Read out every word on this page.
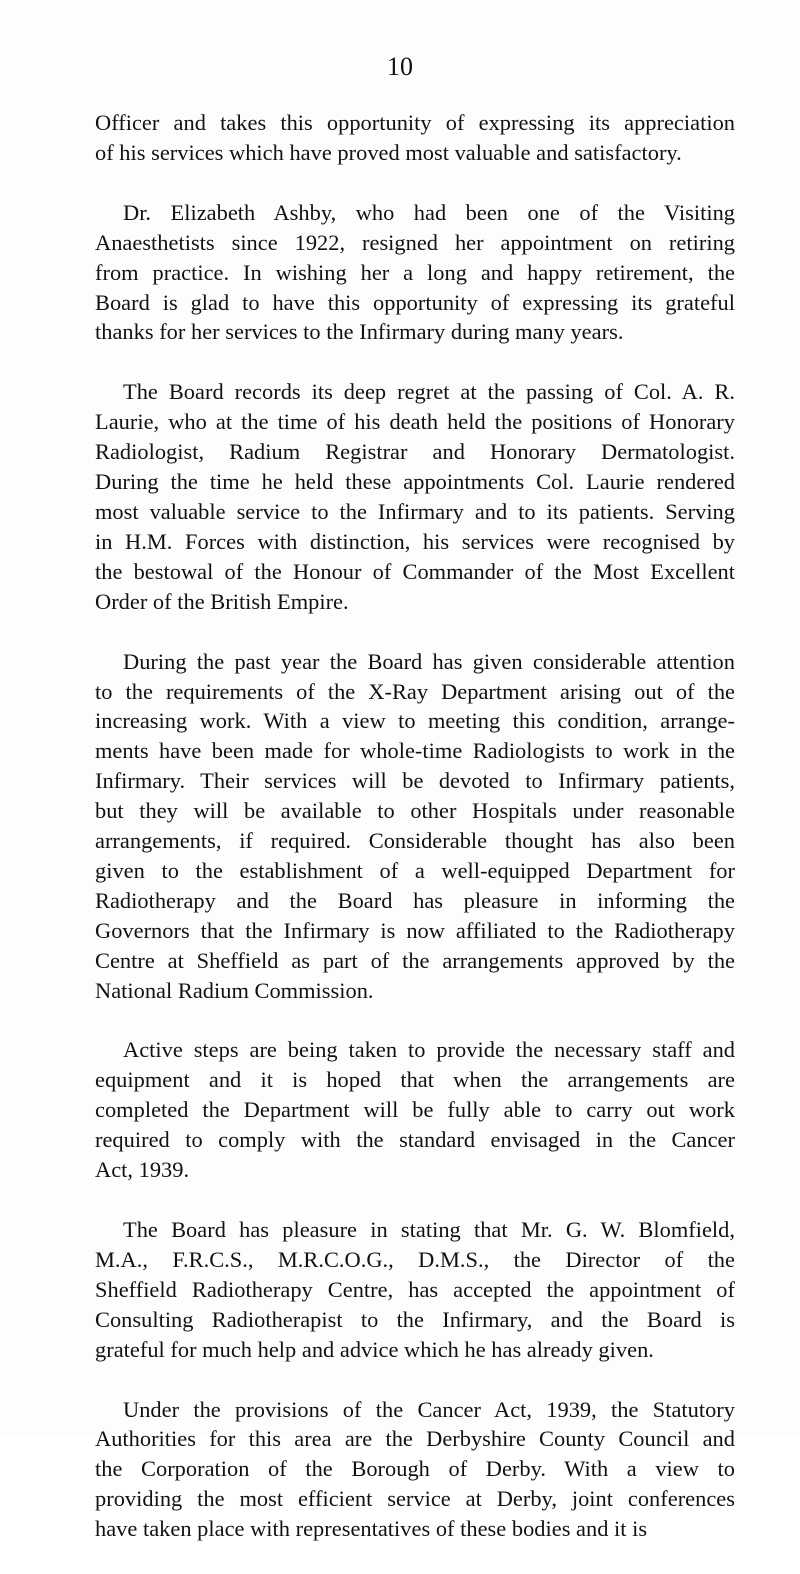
10
Officer and takes this opportunity of expressing its appreciation
of his services which have proved most valuable and satisfactory.
Dr. Elizabeth Ashby, who had been one of the Visiting
Anaesthetists since 1922, resigned her appointment on retiring
from practice. In wishing her a long and happy retirement, the
Board is glad to have this opportunity of expressing its grateful
thanks for her services to the Infirmary during many years.
The Board records its deep regret at the passing of Col. A. R.
Laurie, who at the time of his death held the positions of Honorary
Radiologist, Radium Registrar and Honorary Dermatologist.
During the time he held these appointments Col. Laurie rendered
most valuable service to the Infirmary and to its patients. Serving
in H.M. Forces with distinction, his services were recognised by
the bestowal of the Honour of Commander of the Most Excellent
Order of the British Empire.
During the past year the Board has given considerable attention
to the requirements of the X-Ray Department arising out of the
increasing work. With a view to meeting this condition, arrange-
ments have been made for whole-time Radiologists to work in the
Infirmary. Their services will be devoted to Infirmary patients,
but they will be available to other Hospitals under reasonable
arrangements, if required. Considerable thought has also been
given to the establishment of a well-equipped Department for
Radiotherapy and the Board has pleasure in informing the
Governors that the Infirmary is now affiliated to the Radiotherapy
Centre at Sheffield as part of the arrangements approved by the
National Radium Commission.
Active steps are being taken to provide the necessary staff and
equipment and it is hoped that when the arrangements are
completed the Department will be fully able to carry out work
required to comply with the standard envisaged in the Cancer
Act, 1939.
The Board has pleasure in stating that Mr. G. W. Blomfield,
M.A., F.R.C.S., M.R.C.O.G., D.M.S., the Director of the
Sheffield Radiotherapy Centre, has accepted the appointment of
Consulting Radiotherapist to the Infirmary, and the Board is
grateful for much help and advice which he has already given.
Under the provisions of the Cancer Act, 1939, the Statutory
Authorities for this area are the Derbyshire County Council and
the Corporation of the Borough of Derby. With a view to
providing the most efficient service at Derby, joint conferences
have taken place with representatives of these bodies and it is
